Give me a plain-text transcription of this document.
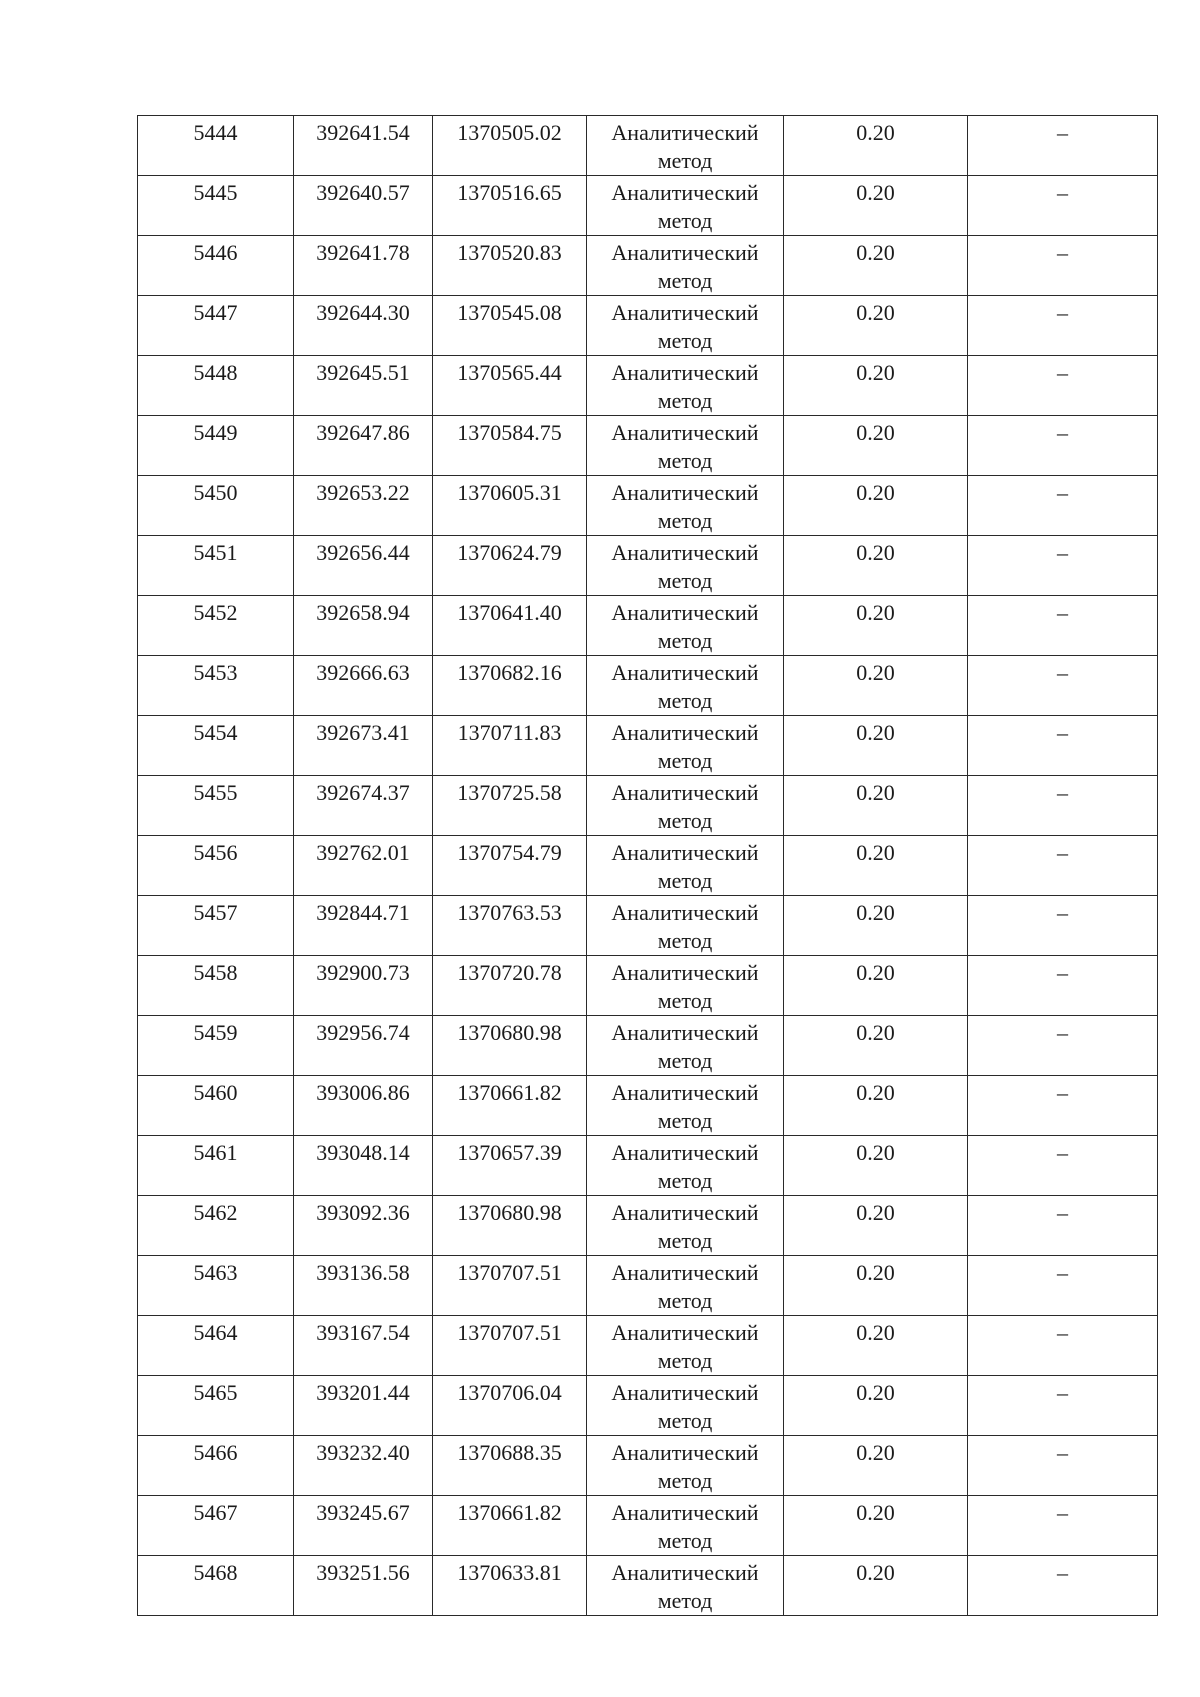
5444	392641.54	1370505.02	Аналитический метод	0.20	–

5445	392640.57	1370516.65	Аналитический метод	0.20	–

5446	392641.78	1370520.83	Аналитический метод	0.20	–

5447	392644.30	1370545.08	Аналитический метод	0.20	–

5448	392645.51	1370565.44	Аналитический метод	0.20	–

5449	392647.86	1370584.75	Аналитический метод	0.20	–

5450	392653.22	1370605.31	Аналитический метод	0.20	–

5451	392656.44	1370624.79	Аналитический метод	0.20	–

5452	392658.94	1370641.40	Аналитический метод	0.20	–

5453	392666.63	1370682.16	Аналитический метод	0.20	–

5454	392673.41	1370711.83	Аналитический метод	0.20	–

5455	392674.37	1370725.58	Аналитический метод	0.20	–

5456	392762.01	1370754.79	Аналитический метод	0.20	–

5457	392844.71	1370763.53	Аналитический метод	0.20	–

5458	392900.73	1370720.78	Аналитический метод	0.20	–

5459	392956.74	1370680.98	Аналитический метод	0.20	–

5460	393006.86	1370661.82	Аналитический метод	0.20	–

5461	393048.14	1370657.39	Аналитический метод	0.20	–

5462	393092.36	1370680.98	Аналитический метод	0.20	–

5463	393136.58	1370707.51	Аналитический метод	0.20	–

5464	393167.54	1370707.51	Аналитический метод	0.20	–

5465	393201.44	1370706.04	Аналитический метод	0.20	–

5466	393232.40	1370688.35	Аналитический метод	0.20	–

5467	393245.67	1370661.82	Аналитический метод	0.20	–

5468	393251.56	1370633.81	Аналитический метод	0.20	–
